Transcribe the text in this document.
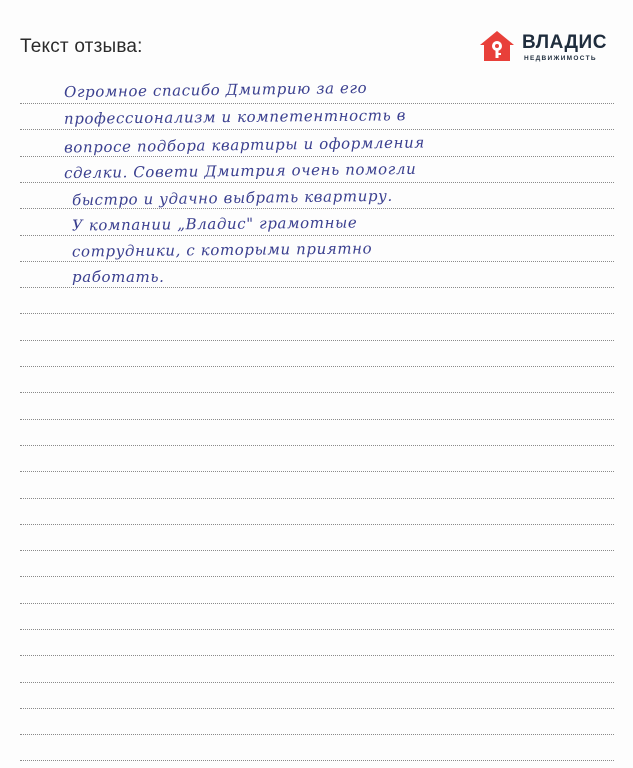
Текст отзыва:	ВЛАДИС
НЕДВИЖИМОСТЬ
Огромное спасибо Дмитрию за его
профессионализм и компетентность в
вопросе подбора квартиры и оформления
сделки. Совети Дмитрия очень помогли
быстро и удачно выбрать квартиру.
У компании „Владис" грамотные
сотрудники, с которыми приятно
работать.
